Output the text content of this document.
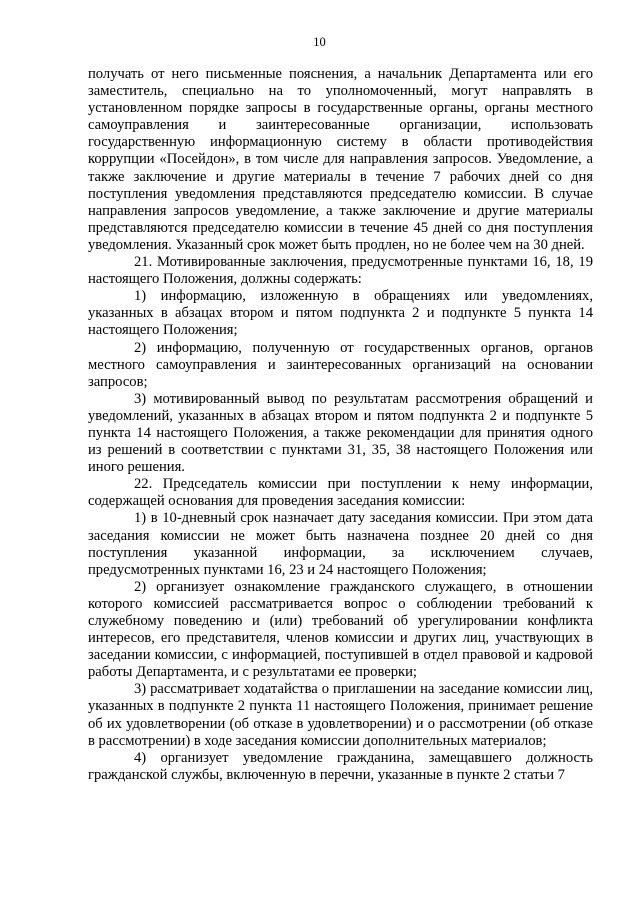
10

получать от него письменные пояснения, а начальник Департамента или его заместитель, специально на то уполномоченный, могут направлять в установленном порядке запросы в государственные органы, органы местного самоуправления и заинтересованные организации, использовать государственную информационную систему в области противодействия коррупции «Посейдон», в том числе для направления запросов. Уведомление, а также заключение и другие материалы в течение 7 рабочих дней со дня поступления уведомления представляются председателю комиссии. В случае направления запросов уведомление, а также заключение и другие материалы представляются председателю комиссии в течение 45 дней со дня поступления уведомления. Указанный срок может быть продлен, но не более чем на 30 дней.

21. Мотивированные заключения, предусмотренные пунктами 16, 18, 19 настоящего Положения, должны содержать:

1) информацию, изложенную в обращениях или уведомлениях, указанных в абзацах втором и пятом подпункта 2 и подпункте 5 пункта 14 настоящего Положения;

2) информацию, полученную от государственных органов, органов местного самоуправления и заинтересованных организаций на основании запросов;

3) мотивированный вывод по результатам рассмотрения обращений и уведомлений, указанных в абзацах втором и пятом подпункта 2 и подпункте 5 пункта 14 настоящего Положения, а также рекомендации для принятия одного из решений в соответствии с пунктами 31, 35, 38 настоящего Положения или иного решения.

22. Председатель комиссии при поступлении к нему информации, содержащей основания для проведения заседания комиссии:

1) в 10-дневный срок назначает дату заседания комиссии. При этом дата заседания комиссии не может быть назначена позднее 20 дней со дня поступления указанной информации, за исключением случаев, предусмотренных пунктами 16, 23 и 24 настоящего Положения;

2) организует ознакомление гражданского служащего, в отношении которого комиссией рассматривается вопрос о соблюдении требований к служебному поведению и (или) требований об урегулировании конфликта интересов, его представителя, членов комиссии и других лиц, участвующих в заседании комиссии, с информацией, поступившей в отдел правовой и кадровой работы Департамента, и с результатами ее проверки;

3) рассматривает ходатайства о приглашении на заседание комиссии лиц, указанных в подпункте 2 пункта 11 настоящего Положения, принимает решение об их удовлетворении (об отказе в удовлетворении) и о рассмотрении (об отказе в рассмотрении) в ходе заседания комиссии дополнительных материалов;

4) организует уведомление гражданина, замещавшего должность гражданской службы, включенную в перечни, указанные в пункте 2 статьи 7
